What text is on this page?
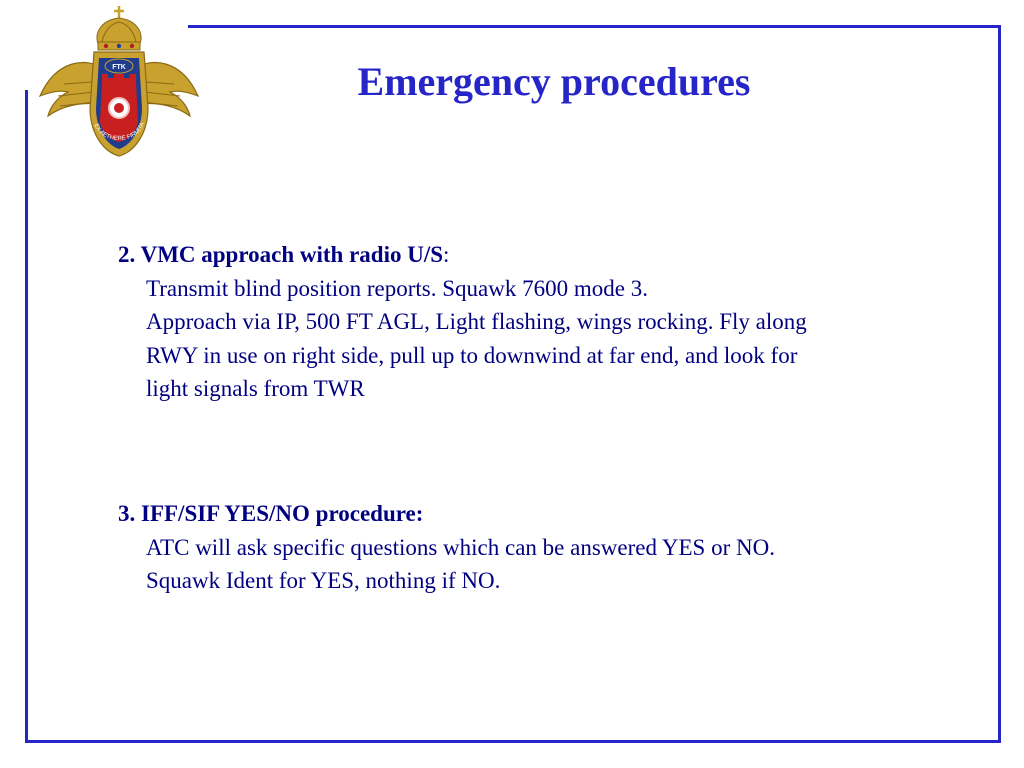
FTK
EX AETHERE FIRMITA
Emergency procedures
2. VMC approach with radio U/S:
Transmit blind position reports. Squawk 7600 mode 3.
Approach via IP, 500 FT AGL, Light flashing, wings rocking. Fly along
RWY in use on right side, pull up to downwind at far end, and look for
light signals from TWR
3. IFF/SIF YES/NO procedure:
ATC will ask specific questions which can be answered YES or NO.
Squawk Ident for YES, nothing if NO.
